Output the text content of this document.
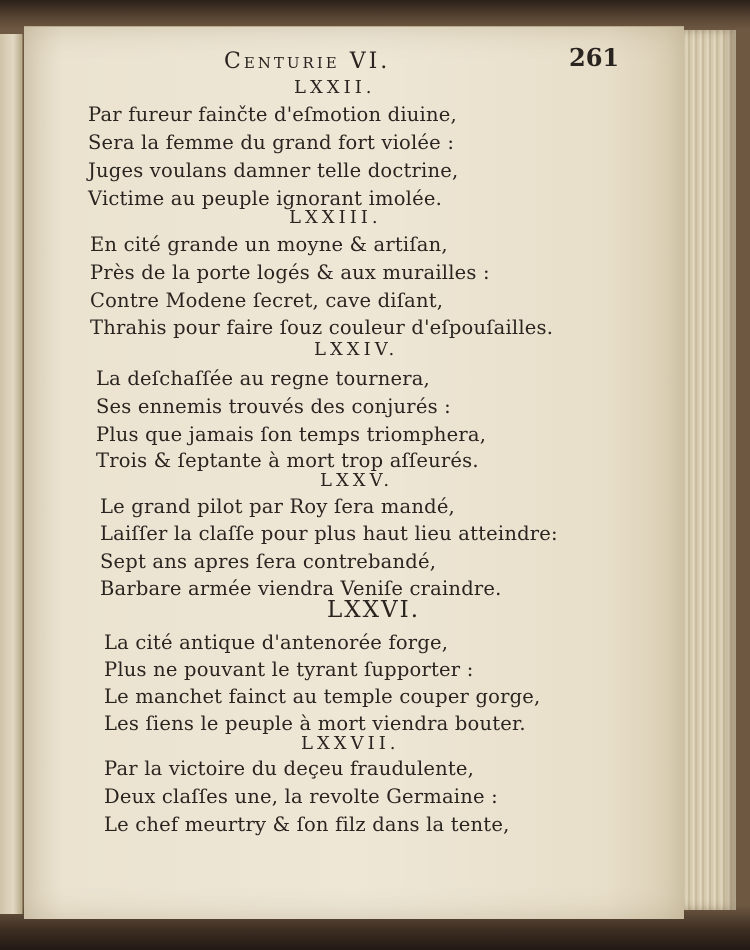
Centurie VI.	261
LXXII.
Par fureur fainčte d'eſmotion diuine,
Sera la femme du grand fort violée :
Juges voulans damner telle doctrine,
Victime au peuple ignorant imolée.
LXXIII.
En cité grande un moyne & artiſan,
Près de la porte logés & aux murailles :
Contre Modene ſecret, cave diſant,
Thrahis pour faire ſouz couleur d'eſpouſailles.
LXXIV.
La deſchaſſée au regne tournera,
Ses ennemis trouvés des conjurés :
Plus que jamais ſon temps triomphera,
Trois & ſeptante à mort trop aſſeurés.
LXXV.
Le grand pilot par Roy ſera mandé,
Laiſſer la claſſe pour plus haut lieu atteindre:
Sept ans apres ſera contrebandé,
Barbare armée viendra Veniſe craindre.
LXXVI.
La cité antique d'antenorée forge,
Plus ne pouvant le tyrant ſupporter :
Le manchet fainct au temple couper gorge,
Les ſiens le peuple à mort viendra bouter.
LXXVII.
Par la victoire du deçeu fraudulente,
Deux claſſes une, la revolte Germaine :
Le chef meurtry & ſon filz dans la tente,
